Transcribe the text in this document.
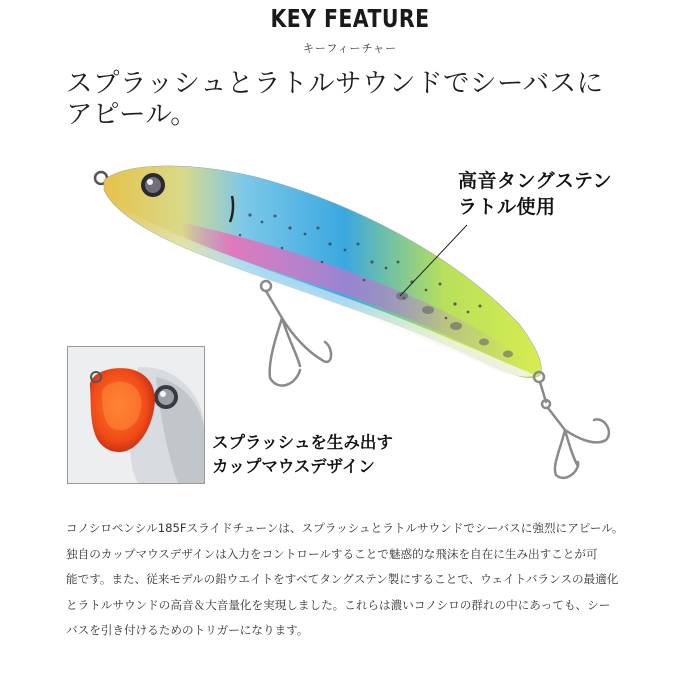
KEY FEATURE
キーフィーチャー
スプラッシュとラトルサウンドでシーバスに
アピール。
高音タングステン
ラトル使用
スプラッシュを生み出す
カップマウスデザイン

コノシロペンシル185Fスライドチューンは、スプラッシュとラトルサウンドでシーバスに強烈にアピール。

独自のカップマウスデザインは入力をコントロールすることで魅惑的な飛沫を自在に生み出すことが可

能です。また、従来モデルの鉛ウエイトをすべてタングステン製にすることで、ウェイトバランスの最適化

とラトルサウンドの高音＆大音量化を実現しました。これらは濃いコノシロの群れの中にあっても、シー

バスを引き付けるためのトリガーになります。
